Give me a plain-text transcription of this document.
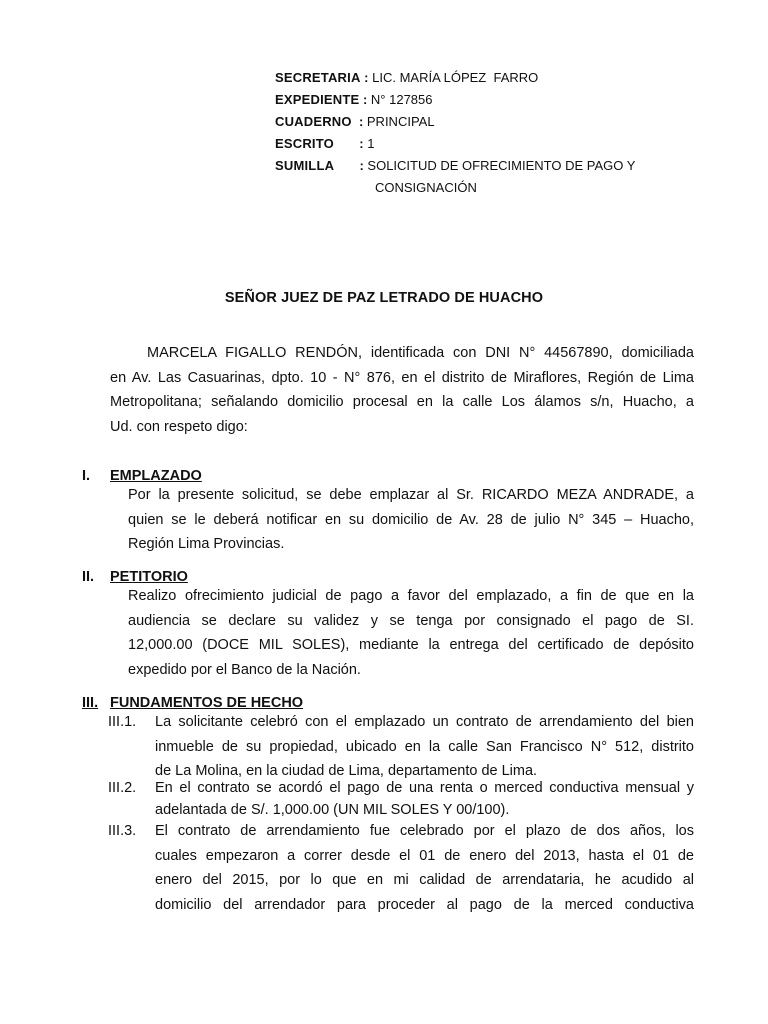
SECRETARIA : LIC. MARÍA LÓPEZ  FARRO
EXPEDIENTE : N° 127856
CUADERNO  : PRINCIPAL
ESCRITO       : 1
SUMILLA       : SOLICITUD DE OFRECIMIENTO DE PAGO Y
CONSIGNACIÓN
SEÑOR JUEZ DE PAZ LETRADO DE HUACHO
MARCELA FIGALLO RENDÓN, identificada con DNI N° 44567890, domiciliada
en Av. Las Casuarinas, dpto. 10 - N° 876, en el distrito de Miraflores, Región de Lima
Metropolitana; señalando domicilio procesal en la calle Los álamos s/n, Huacho, a
Ud. con respeto digo:
I. EMPLAZADO
Por la presente solicitud, se debe emplazar al Sr. RICARDO MEZA ANDRADE, a
quien se le deberá notificar en su domicilio de Av. 28 de julio N° 345 – Huacho,
Región Lima Provincias.
II. PETITORIO
Realizo ofrecimiento judicial de pago a favor del emplazado, a fin de que en la
audiencia se declare su validez y se tenga por consignado el pago de SI.
12,000.00 (DOCE MIL SOLES), mediante la entrega del certificado de depósito
expedido por el Banco de la Nación.
III. FUNDAMENTOS DE HECHO
III.1.	La solicitante celebró con el emplazado un contrato de arrendamiento del bien
inmueble de su propiedad, ubicado en la calle San Francisco N° 512, distrito
de La Molina, en la ciudad de Lima, departamento de Lima.
III.2.	En el contrato se acordó el pago de una renta o merced conductiva mensual y
adelantada de S/. 1,000.00 (UN MIL SOLES Y 00/100).
III.3.	El contrato de arrendamiento fue celebrado por el plazo de dos años, los
cuales empezaron a correr desde el 01 de enero del 2013, hasta el 01 de
enero del 2015, por lo que en mi calidad de arrendataria, he acudido al
domicilio del arrendador para proceder al pago de la merced conductiva
